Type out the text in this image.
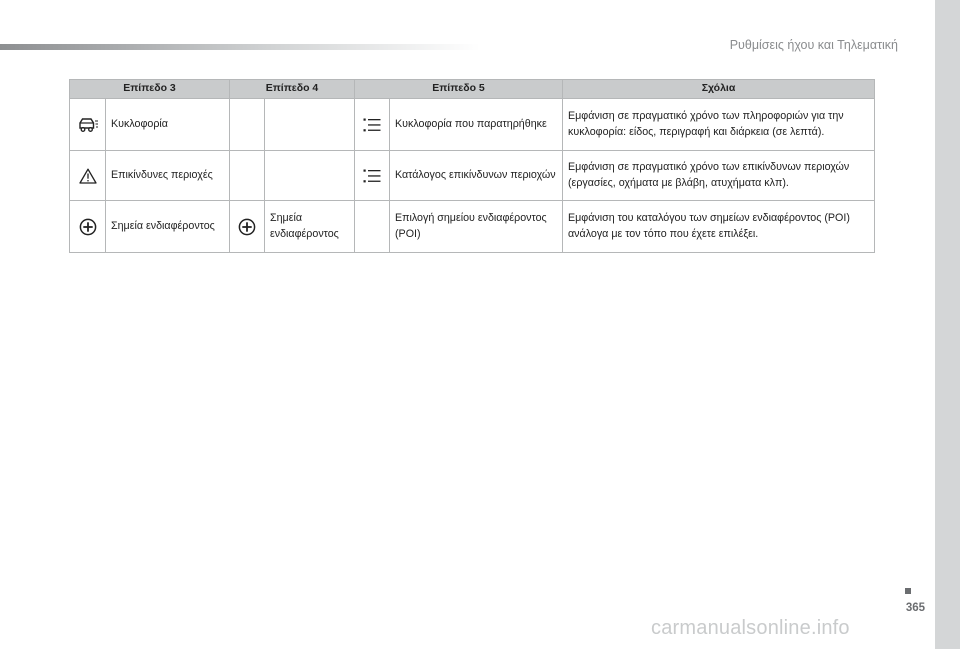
Ρυθμίσεις ήχου και Τηλεματική
Επίπεδο 3		Επίπεδο 4		Επίπεδο 5		Σχόλια

	Κυκλοφορία				Κυκλοφορία που παρατηρήθηκε	Εμφάνιση σε πραγματικό χρόνο των πληροφοριών για την κυκλοφορία: είδος, περιγραφή και διάρκεια (σε λεπτά).

	Επικίνδυνες περιοχές				Κατάλογος επικίνδυνων περιοχών	Εμφάνιση σε πραγματικό χρόνο των επικίνδυνων περιοχών (εργασίες, οχήματα με βλάβη, ατυχήματα κλπ).

	Σημεία ενδιαφέροντος		Σημεία ενδιαφέροντος		Επιλογή σημείου ενδιαφέροντος (POI)	Εμφάνιση του καταλόγου των σημείων ενδιαφέροντος (POI) ανάλογα με τον τόπο που έχετε επιλέξει.
365
carmanualsonline.info
